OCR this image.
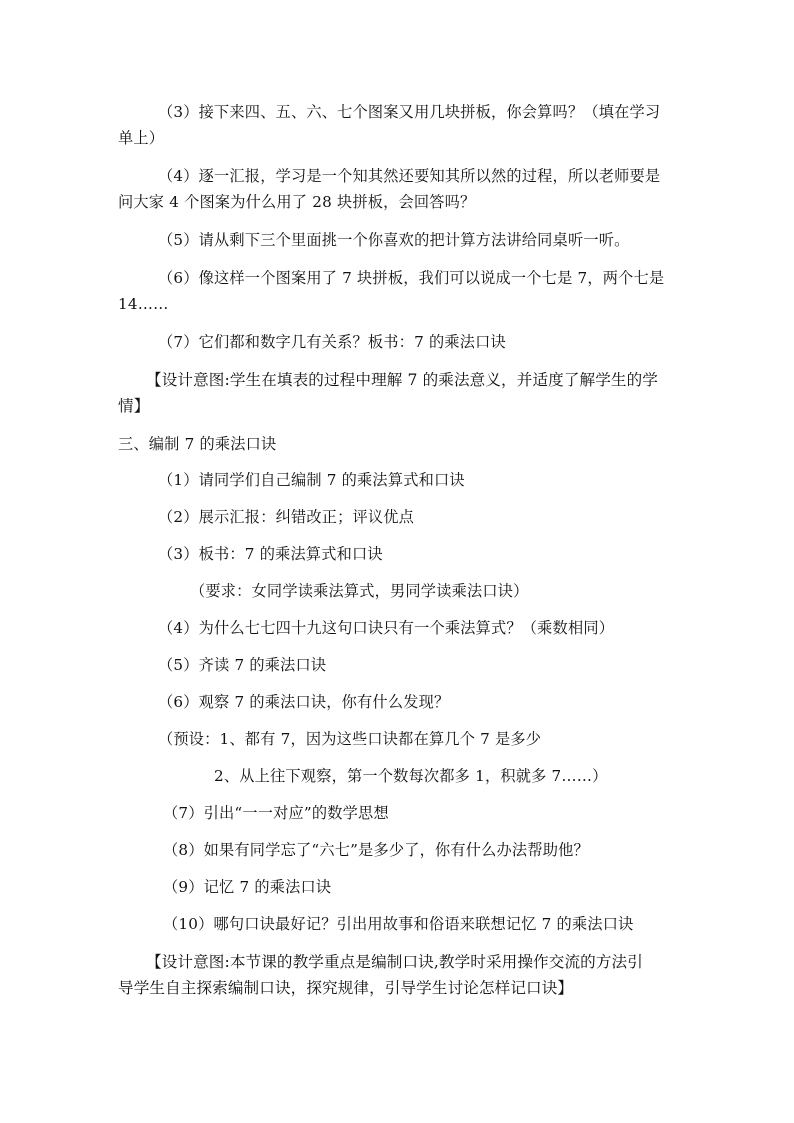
（3）接下来四、五、六、七个图案又用几块拼板，你会算吗？（填在学习
单上）
（4）逐一汇报，学习是一个知其然还要知其所以然的过程，所以老师要是
问大家 4 个图案为什么用了 28 块拼板，会回答吗？
（5）请从剩下三个里面挑一个你喜欢的把计算方法讲给同桌听一听。
（6）像这样一个图案用了 7 块拼板，我们可以说成一个七是 7，两个七是
14……
（7）它们都和数字几有关系？板书：7 的乘法口诀
【设计意图:学生在填表的过程中理解 7 的乘法意义，并适度了解学生的学
情】
三、编制 7 的乘法口诀
（1）请同学们自己编制 7 的乘法算式和口诀
（2）展示汇报：纠错改正；评议优点
（3）板书：7 的乘法算式和口诀
（要求：女同学读乘法算式，男同学读乘法口诀）
（4）为什么七七四十九这句口诀只有一个乘法算式？（乘数相同）
（5）齐读 7 的乘法口诀
（6）观察 7 的乘法口诀，你有什么发现？
（预设：1、都有 7，因为这些口诀都在算几个 7 是多少
2、从上往下观察，第一个数每次都多 1，积就多 7……）
（7）引出“一一对应”的数学思想
（8）如果有同学忘了“六七”是多少了，你有什么办法帮助他？
（9）记忆 7 的乘法口诀
（10）哪句口诀最好记？引出用故事和俗语来联想记忆 7 的乘法口诀
【设计意图:本节课的教学重点是编制口诀,教学时采用操作交流的方法引
导学生自主探索编制口诀，探究规律，引导学生讨论怎样记口诀】
